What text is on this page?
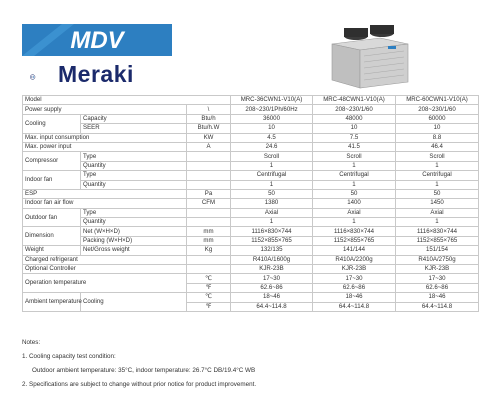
MDV
Meraki
Model			MRC-36CWN1-V10(A)	MRC-48CWN1-V10(A)	MRC-60CWN1-V10(A)
Power supply		\	208~230/1Ph/60Hz	208~230/1/60	208~230/1/60
Cooling	Capacity	Btu/h	36000	48000	60000
	SEER	Btu/h.W	10	10	10
Max. input consumption		KW	4.5	7.5	8.8
Max. power input		A	24.6	41.5	46.4
Compressor	Type		Scroll	Scroll	Scroll
	Quantity		1	1	1
Indoor fan	Type		Centrifugal	Centrifugal	Centrifugal
	Quantity		1	1	1
ESP		Pa	50	50	50
Indoor fan air flow		CFM	1380	1400	1450
Outdoor fan	Type		Axial	Axial	Axial
	Quantity		1	1	1
Dimension	Net (W×H×D)	mm	1116×830×744	1116×830×744	1116×830×744
	Packing (W×H×D)	mm	1152×855×765	1152×855×765	1152×855×765
Weight	Net/Gross weight	Kg	132/135	141/144	151/154
Charged refrigerant			R410A/1600g	R410A/2200g	R410A/2750g
Optional Controller			KJR-23B	KJR-23B	KJR-23B
Operation temperature		℃	17~30	17~30	17~30
		℉	62.6~86	62.6~86	62.6~86
Ambient temperature	Cooling	℃	18~46	18~46	18~46
		℉	64.4~114.8	64.4~114.8	64.4~114.8
Notes:
1. Cooling capacity test condition:
Outdoor ambient temperature: 35°C, indoor temperature: 26.7°C DB/19.4°C WB
2. Specifications are subject to change without prior notice for product improvement.
